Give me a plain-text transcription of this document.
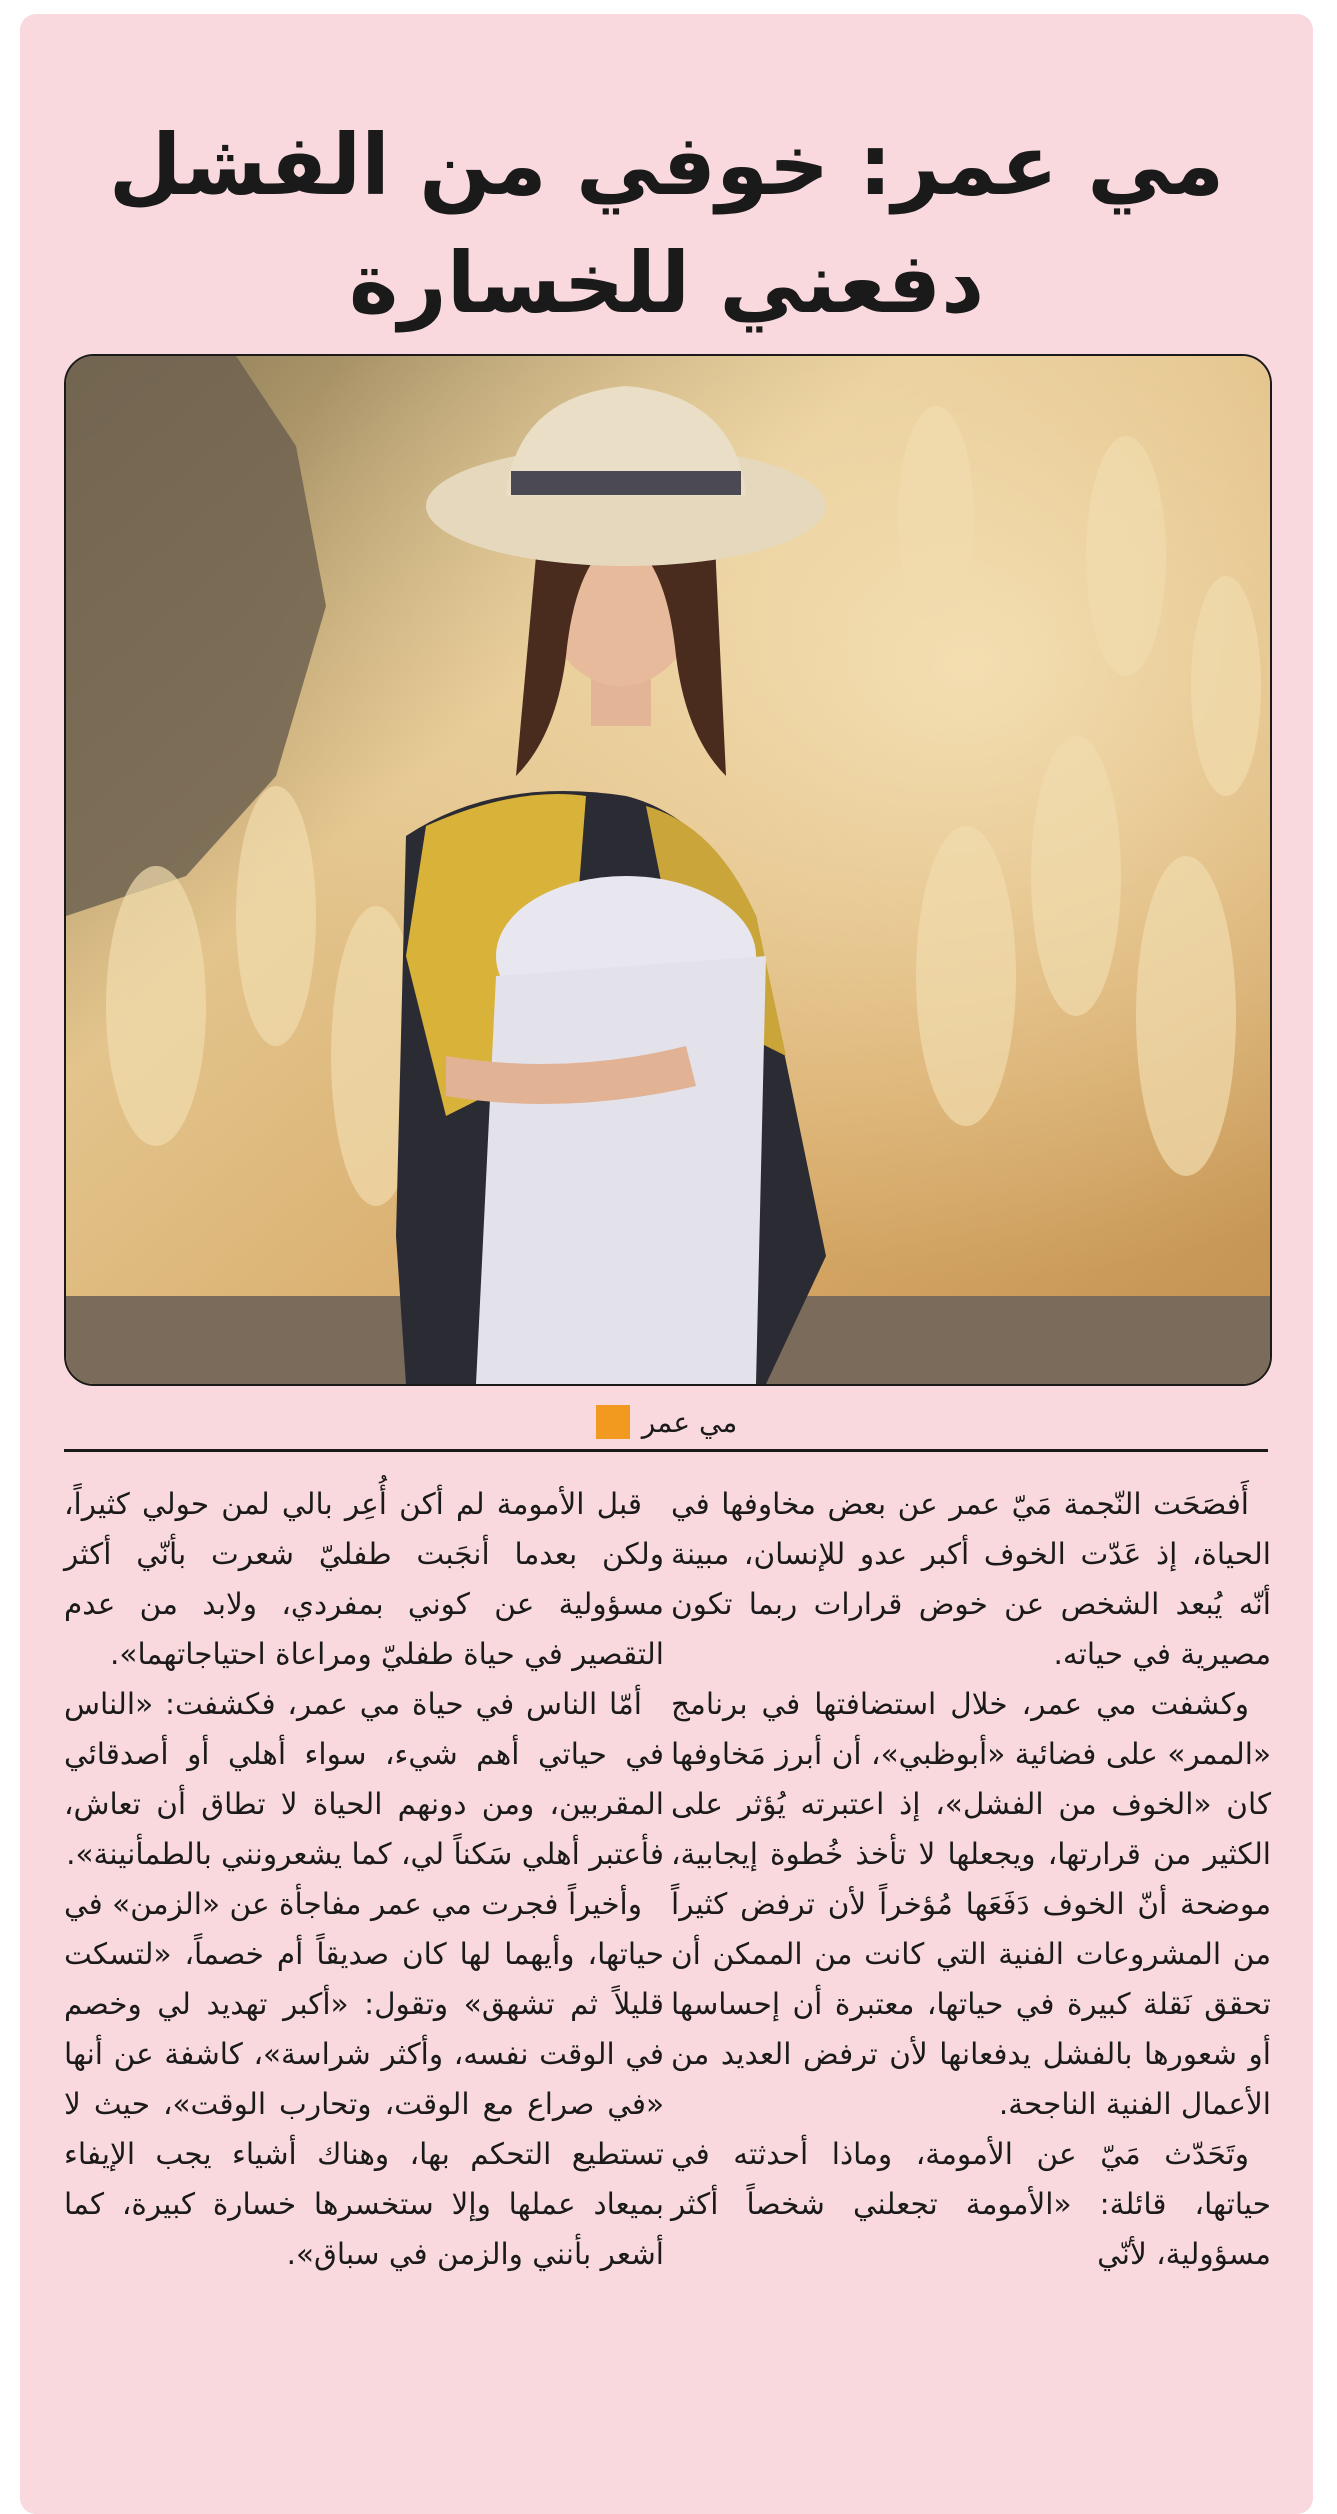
مي عمر: خوفي من الفشل
دفعني للخسارة
مي عمر

أَفصَحَت النّجمة مَيّ عمر عن بعض مخاوفها في الحياة، إذ عَدّت الخوف أكبر عدو للإنسان، مبينة أنّه يُبعد الشخص عن خوض قرارات ربما تكون مصيرية في حياته.

وكشفت مي عمر، خلال استضافتها في برنامج «الممر» على فضائية «أبوظبي»، أن أبرز مَخاوفها كان «الخوف من الفشل»، إذ اعتبرته يُؤثر على الكثير من قرارتها، ويجعلها لا تأخذ خُطوة إيجابية، موضحة أنّ الخوف دَفَعَها مُؤخراً لأن ترفض كثيراً من المشروعات الفنية التي كانت من الممكن أن تحقق نَقلة كبيرة في حياتها، معتبرة أن إحساسها أو شعورها بالفشل يدفعانها لأن ترفض العديد من الأعمال الفنية الناجحة.

وتَحَدّث مَيّ عن الأمومة، وماذا أحدثته في حياتها، قائلة: «الأمومة تجعلني شخصاً أكثر مسؤولية، لأنّي

قبل الأمومة لم أكن أُعِر بالي لمن حولي كثيراً، ولكن بعدما أنجَبت طفليّ شعرت بأنّي أكثر مسؤولية عن كوني بمفردي، ولابد من عدم التقصير في حياة طفليّ ومراعاة احتياجاتهما».

أمّا الناس في حياة مي عمر، فكشفت: «الناس في حياتي أهم شيء، سواء أهلي أو أصدقائي المقربين، ومن دونهم الحياة لا تطاق أن تعاش، فأعتبر أهلي سَكناً لي، كما يشعرونني بالطمأنينة».

وأخيراً فجرت مي عمر مفاجأة عن «الزمن» في حياتها، وأيهما لها كان صديقاً أم خصماً، «لتسكت قليلاً ثم تشهق» وتقول: «أكبر تهديد لي وخصم في الوقت نفسه، وأكثر شراسة»، كاشفة عن أنها «في صراع مع الوقت، وتحارب الوقت»، حيث لا تستطيع التحكم بها، وهناك أشياء يجب الإيفاء بميعاد عملها وإلا ستخسرها خسارة كبيرة، كما أشعر بأنني والزمن في سباق».
